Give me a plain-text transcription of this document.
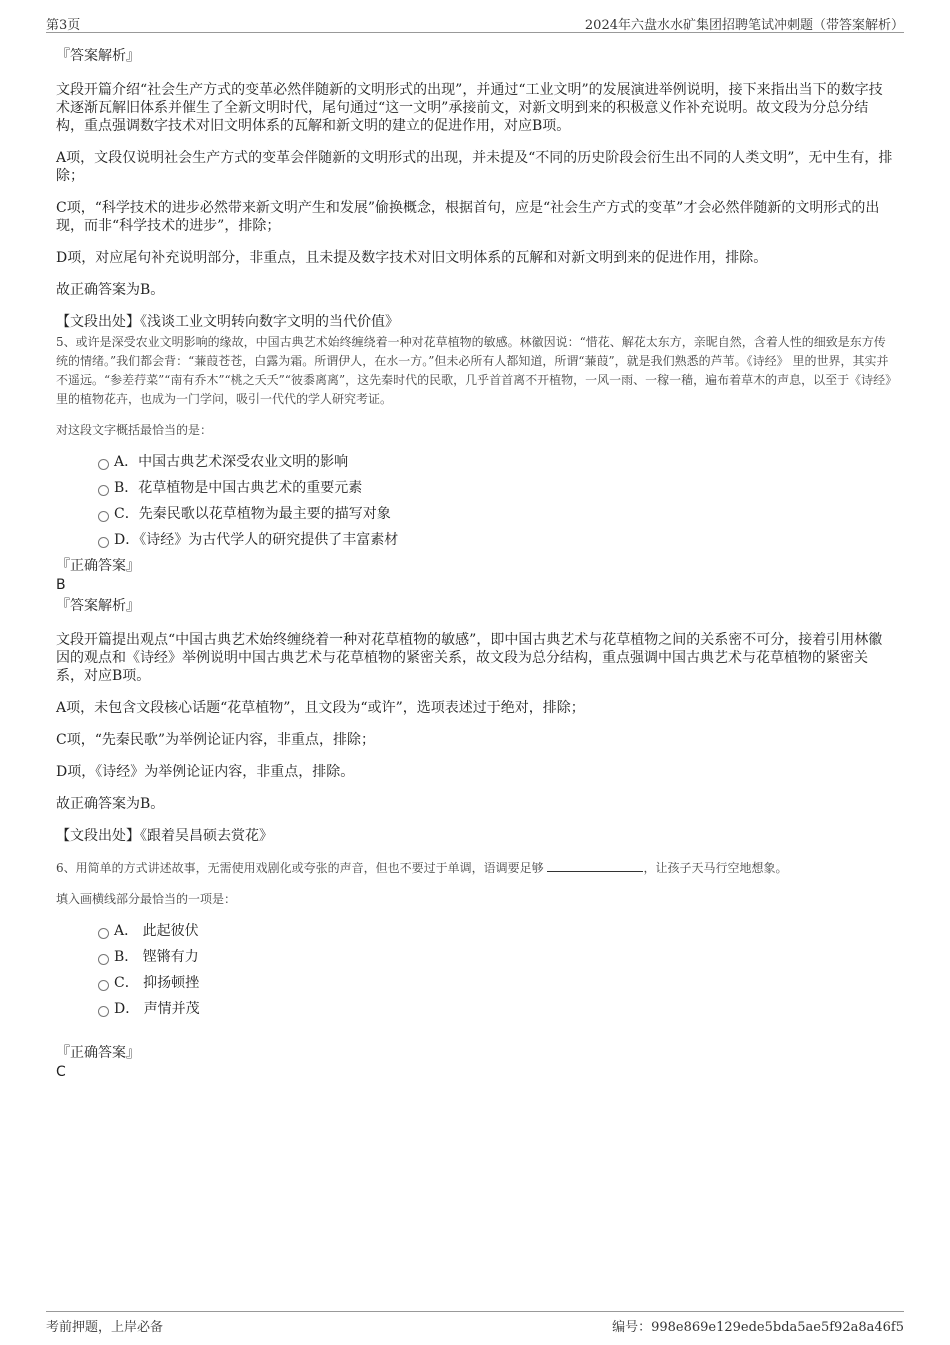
第3页	2024年六盘水水矿集团招聘笔试冲刺题（带答案解析）

『答案解析』

文段开篇介绍“社会生产方式的变革必然伴随新的文明形式的出现”，并通过“工业文明”的发展演进举例说明，接下来指出当下的数字技术逐渐瓦解旧体系并催生了全新文明时代，尾句通过“这一文明”承接前文，对新文明到来的积极意义作补充说明。故文段为分总分结构，重点强调数字技术对旧文明体系的瓦解和新文明的建立的促进作用，对应B项。

A项，文段仅说明社会生产方式的变革会伴随新的文明形式的出现，并未提及“不同的历史阶段会衍生出不同的人类文明”，无中生有，排除；

C项，“科学技术的进步必然带来新文明产生和发展”偷换概念，根据首句，应是“社会生产方式的变革”才会必然伴随新的文明形式的出现，而非“科学技术的进步”，排除；

D项，对应尾句补充说明部分，非重点，且未提及数字技术对旧文明体系的瓦解和对新文明到来的促进作用，排除。

故正确答案为B。

【文段出处】《浅谈工业文明转向数字文明的当代价值》

5、或许是深受农业文明影响的缘故，中国古典艺术始终缠绕着一种对花草植物的敏感。林徽因说：“惜花、解花太东方，亲昵自然，含着人性的细致是东方传统的情绪。”我们都会背：“蒹葭苍苍，白露为霜。所谓伊人，在水一方。”但未必所有人都知道，所谓“蒹葭”，就是我们熟悉的芦苇。《诗经》 里的世界，其实并不遥远。“参差荇菜”“南有乔木”“桃之夭夭”“彼黍离离”，这先秦时代的民歌，几乎首首离不开植物，一风一雨、一稼一穑，遍布着草木的声息，以至于《诗经》里的植物花卉，也成为一门学问，吸引一代代的学人研究考证。

对这段文字概括最恰当的是：

A．中国古典艺术深受农业文明的影响
B．花草植物是中国古典艺术的重要元素
C．先秦民歌以花草植物为最主要的描写对象
D．《诗经》为古代学人的研究提供了丰富素材

『正确答案』

B

『答案解析』

文段开篇提出观点“中国古典艺术始终缠绕着一种对花草植物的敏感”，即中国古典艺术与花草植物之间的关系密不可分，接着引用林徽因的观点和《诗经》举例说明中国古典艺术与花草植物的紧密关系，故文段为总分结构，重点强调中国古典艺术与花草植物的紧密关系，对应B项。

A项，未包含文段核心话题“花草植物”，且文段为“或许”，选项表述过于绝对，排除；

C项，“先秦民歌”为举例论证内容，非重点，排除；

D项，《诗经》为举例论证内容，非重点，排除。

故正确答案为B。

【文段出处】《跟着吴昌硕去赏花》

6、用简单的方式讲述故事，无需使用戏剧化或夸张的声音，但也不要过于单调，语调要足够	，让孩子天马行空地想象。

填入画横线部分最恰当的一项是：

A． 此起彼伏
B． 铿锵有力
C． 抑扬顿挫
D． 声情并茂

『正确答案』

C

考前押题，上岸必备	编号：998e869e129ede5bda5ae5f92a8a46f5
